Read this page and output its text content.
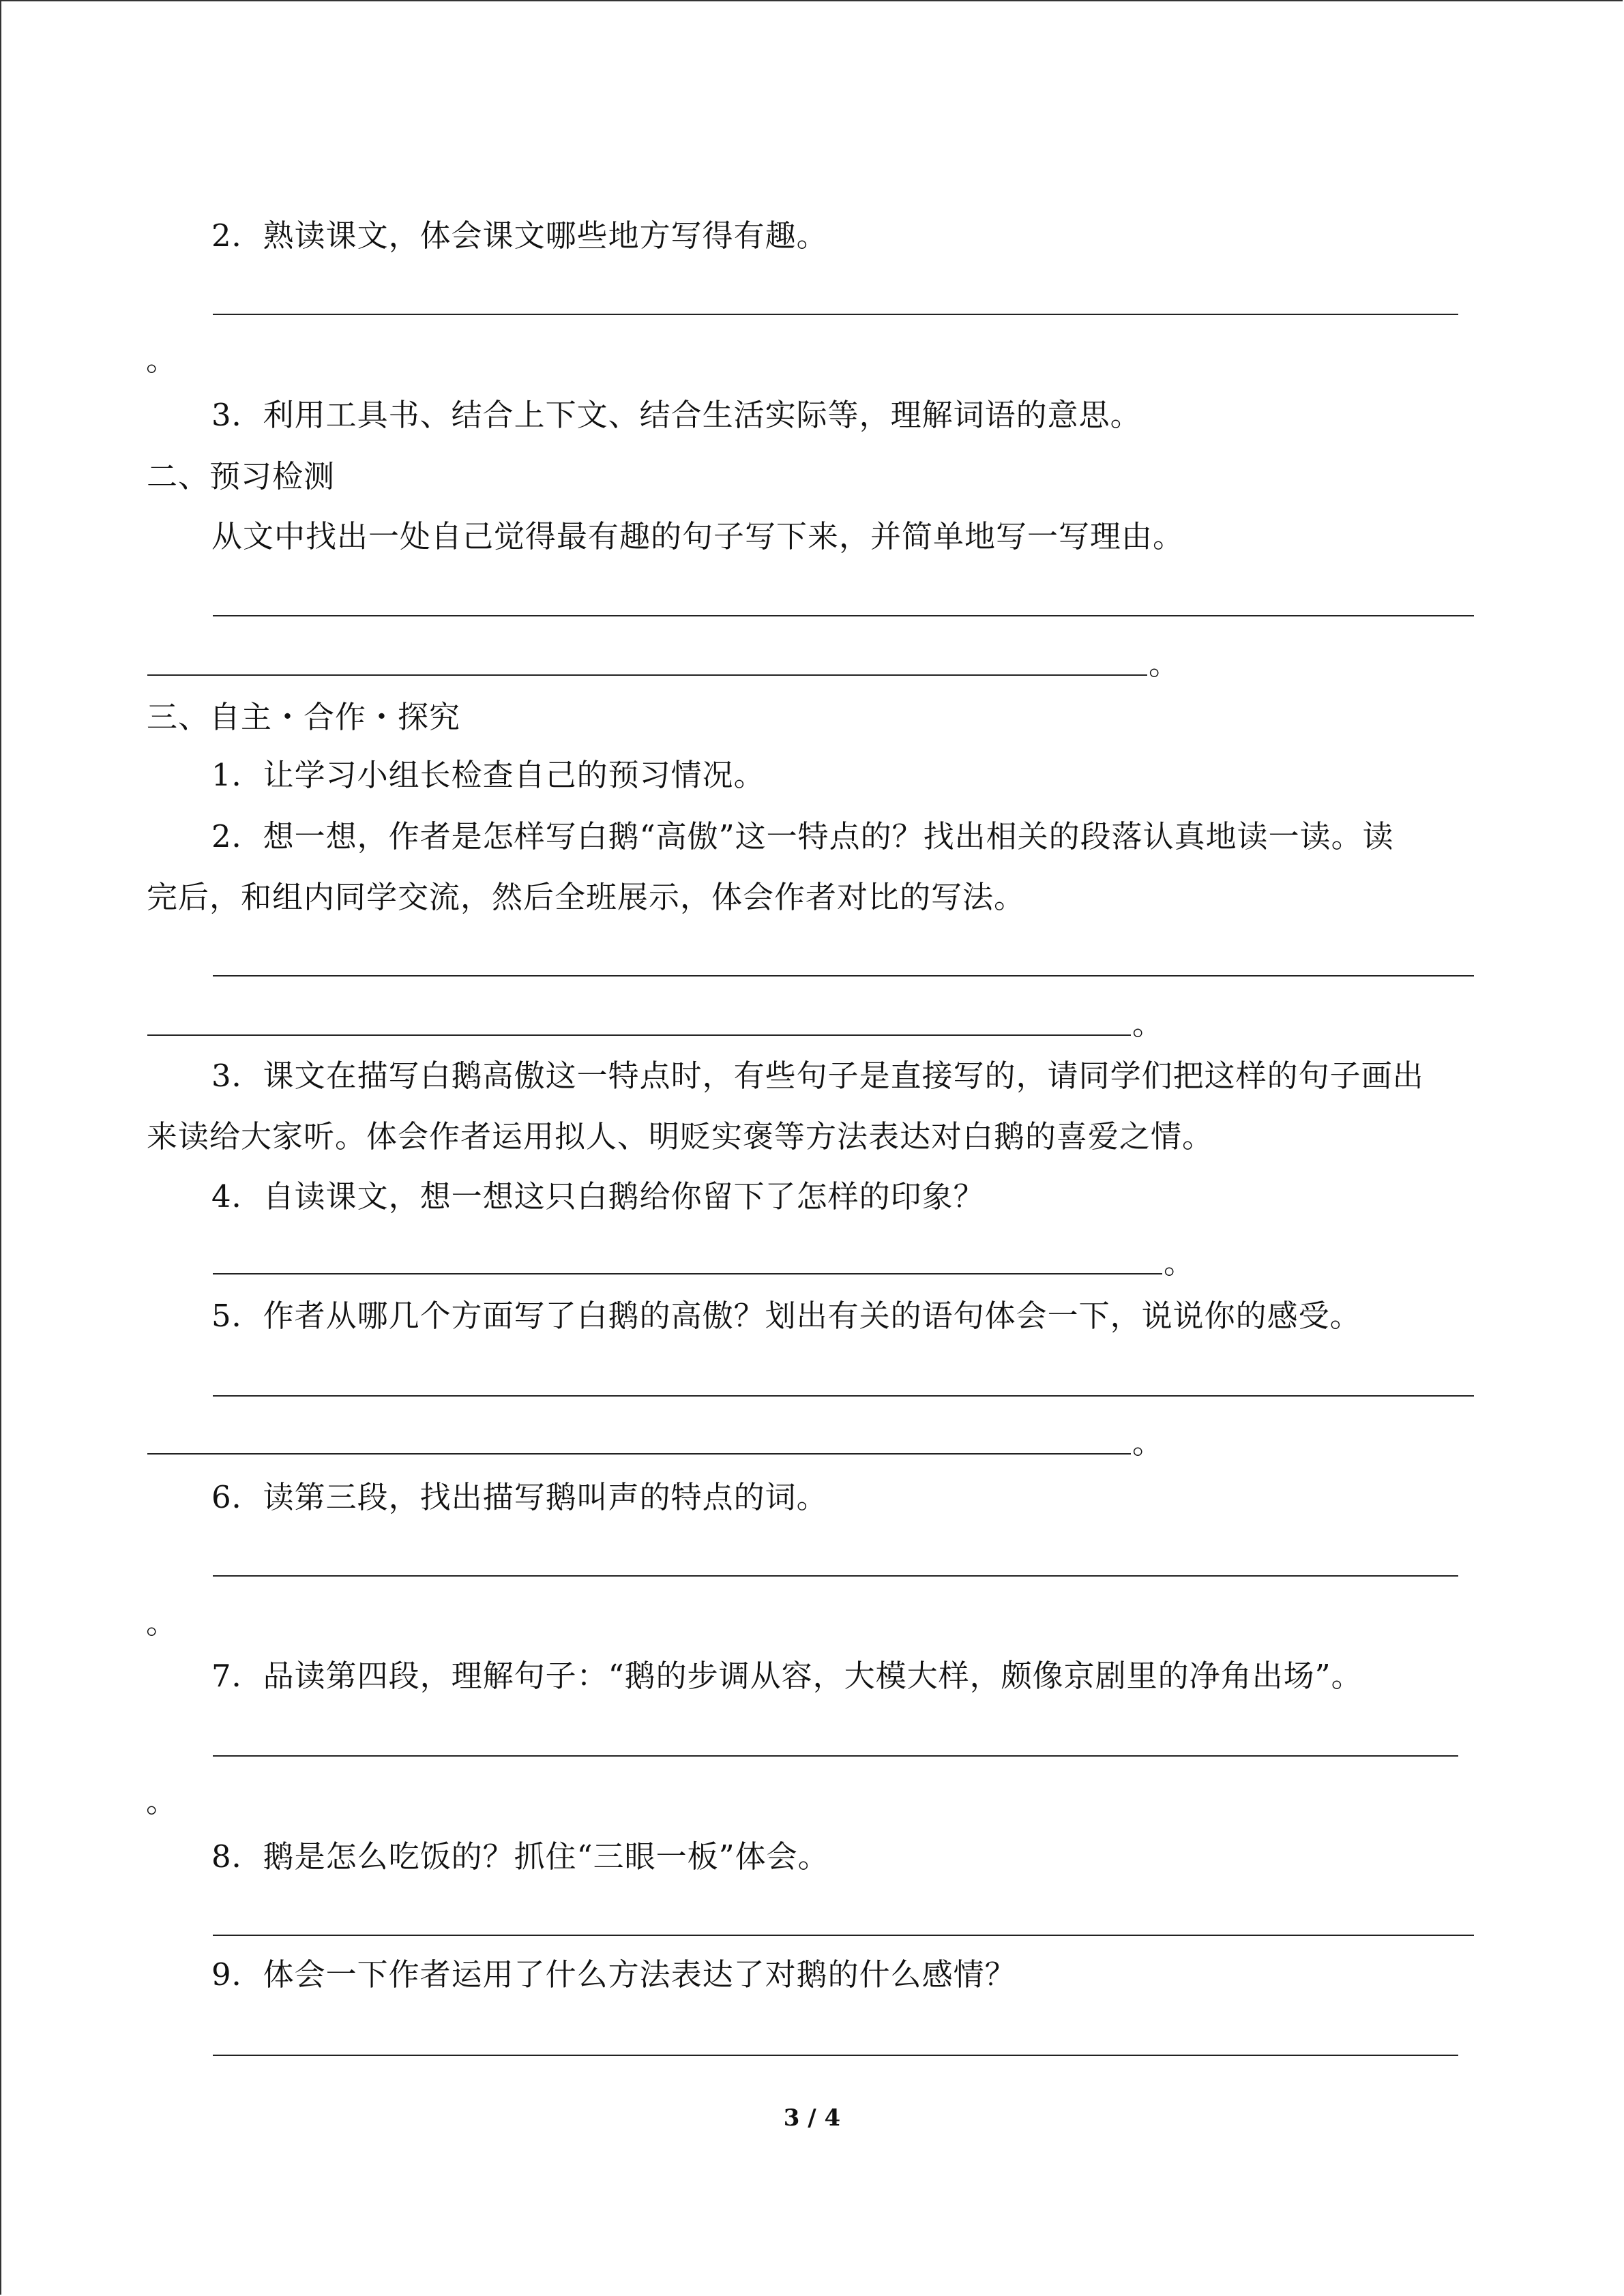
2．熟读课文，体会课文哪些地方写得有趣。
。
3．利用工具书、结合上下文、结合生活实际等，理解词语的意思。
二、预习检测
从文中找出一处自己觉得最有趣的句子写下来，并简单地写一写理由。
。
三、自主・合作・探究
1．让学习小组长检查自己的预习情况。
2．想一想，作者是怎样写白鹅“高傲”这一特点的？找出相关的段落认真地读一读。读
完后，和组内同学交流，然后全班展示，体会作者对比的写法。
。
3．课文在描写白鹅高傲这一特点时，有些句子是直接写的，请同学们把这样的句子画出
来读给大家听。体会作者运用拟人、明贬实褒等方法表达对白鹅的喜爱之情。
4．自读课文，想一想这只白鹅给你留下了怎样的印象？
。
5．作者从哪几个方面写了白鹅的高傲？划出有关的语句体会一下，说说你的感受。
。
6．读第三段，找出描写鹅叫声的特点的词。
。
7．品读第四段，理解句子：“鹅的步调从容，大模大样，颇像京剧里的净角出场”。
。
8．鹅是怎么吃饭的？抓住“三眼一板”体会。
9．体会一下作者运用了什么方法表达了对鹅的什么感情？
3 / 4
